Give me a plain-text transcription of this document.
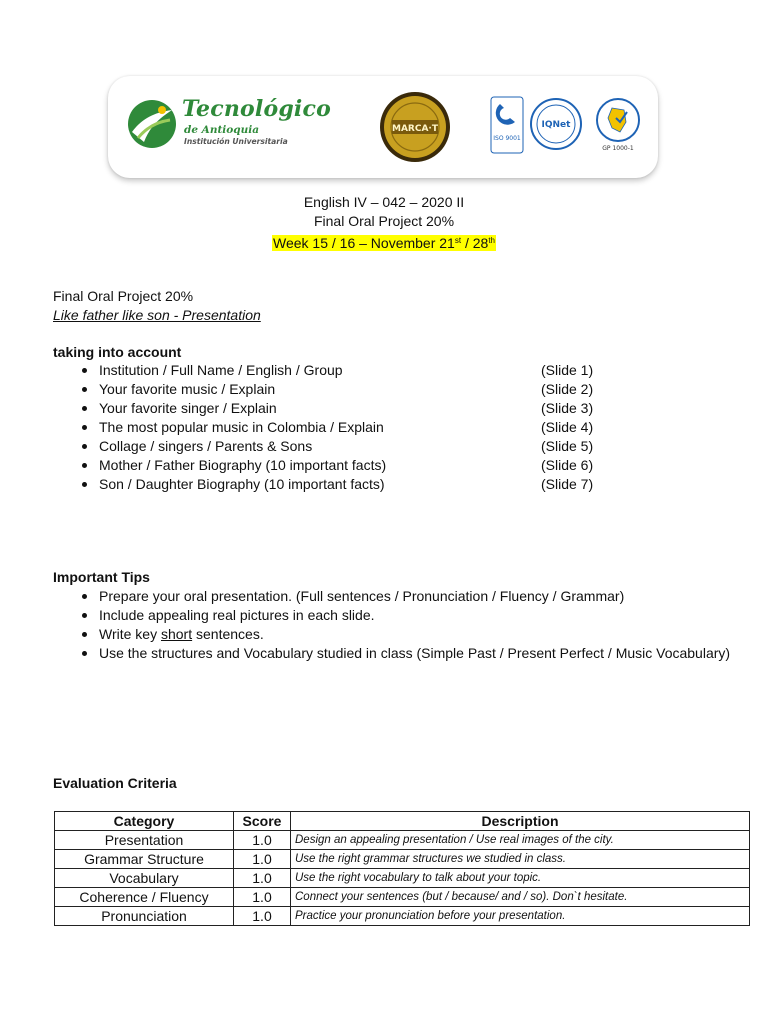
Tecnológico
de Antioquia
Institución Universitaria
MARCA·T
ISO 9001
IQNet
GP 1000-1
English IV – 042 – 2020 II
Final Oral Project 20%
Week 15 / 16 – November 21st / 28th
Final Oral Project 20%
Like father like son - Presentation
taking into account
Institution / Full Name / English / Group	(Slide 1)
Your favorite music / Explain	(Slide 2)
Your favorite singer / Explain	(Slide 3)
The most popular music in Colombia / Explain	(Slide 4)
Collage / singers / Parents & Sons	(Slide 5)
Mother / Father Biography (10 important facts)	(Slide 6)
Son / Daughter Biography (10 important facts)	(Slide 7)
Important Tips
Prepare your oral presentation. (Full sentences / Pronunciation / Fluency / Grammar)
Include appealing real pictures in each slide.
Write key short sentences.
Use the structures and Vocabulary studied in class (Simple Past / Present Perfect / Music Vocabulary)
Evaluation Criteria
Category	Score	Description
Presentation	1.0	Design an appealing presentation / Use real images of the city.
Grammar Structure	1.0	Use the right grammar structures we studied in class.
Vocabulary	1.0	Use the right vocabulary to talk about your topic.
Coherence / Fluency	1.0	Connect your sentences (but / because/ and / so). Don`t hesitate.
Pronunciation	1.0	Practice your pronunciation before your presentation.
